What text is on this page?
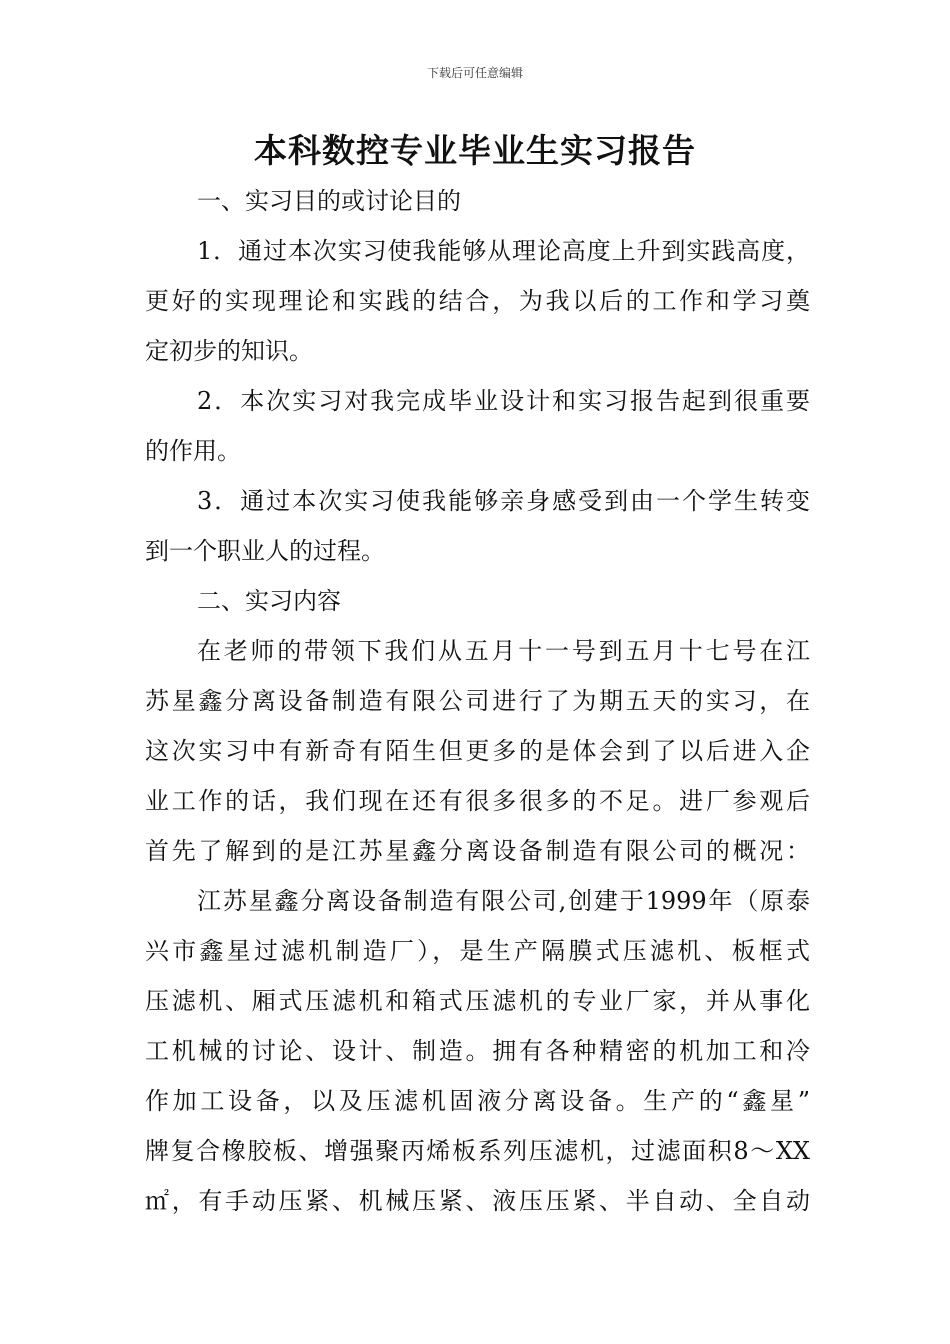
下载后可任意编辑
本科数控专业毕业生实习报告
一、实习目的或讨论目的
1．通过本次实习使我能够从理论高度上升到实践高度，
更好的实现理论和实践的结合，为我以后的工作和学习奠
定初步的知识。
2．本次实习对我完成毕业设计和实习报告起到很重要
的作用。
3．通过本次实习使我能够亲身感受到由一个学生转变
到一个职业人的过程。
二、实习内容
在老师的带领下我们从五月十一号到五月十七号在江
苏星鑫分离设备制造有限公司进行了为期五天的实习，在
这次实习中有新奇有陌生但更多的是体会到了以后进入企
业工作的话，我们现在还有很多很多的不足。进厂参观后
首先了解到的是江苏星鑫分离设备制造有限公司的概况：
江苏星鑫分离设备制造有限公司,创建于1999年（原泰
兴市鑫星过滤机制造厂），是生产隔膜式压滤机、板框式
压滤机、厢式压滤机和箱式压滤机的专业厂家，并从事化
工机械的讨论、设计、制造。拥有各种精密的机加工和冷
作加工设备，以及压滤机固液分离设备。生产的“鑫星”
牌复合橡胶板、增强聚丙烯板系列压滤机，过滤面积8～XX
㎡，有手动压紧、机械压紧、液压压紧、半自动、全自动
